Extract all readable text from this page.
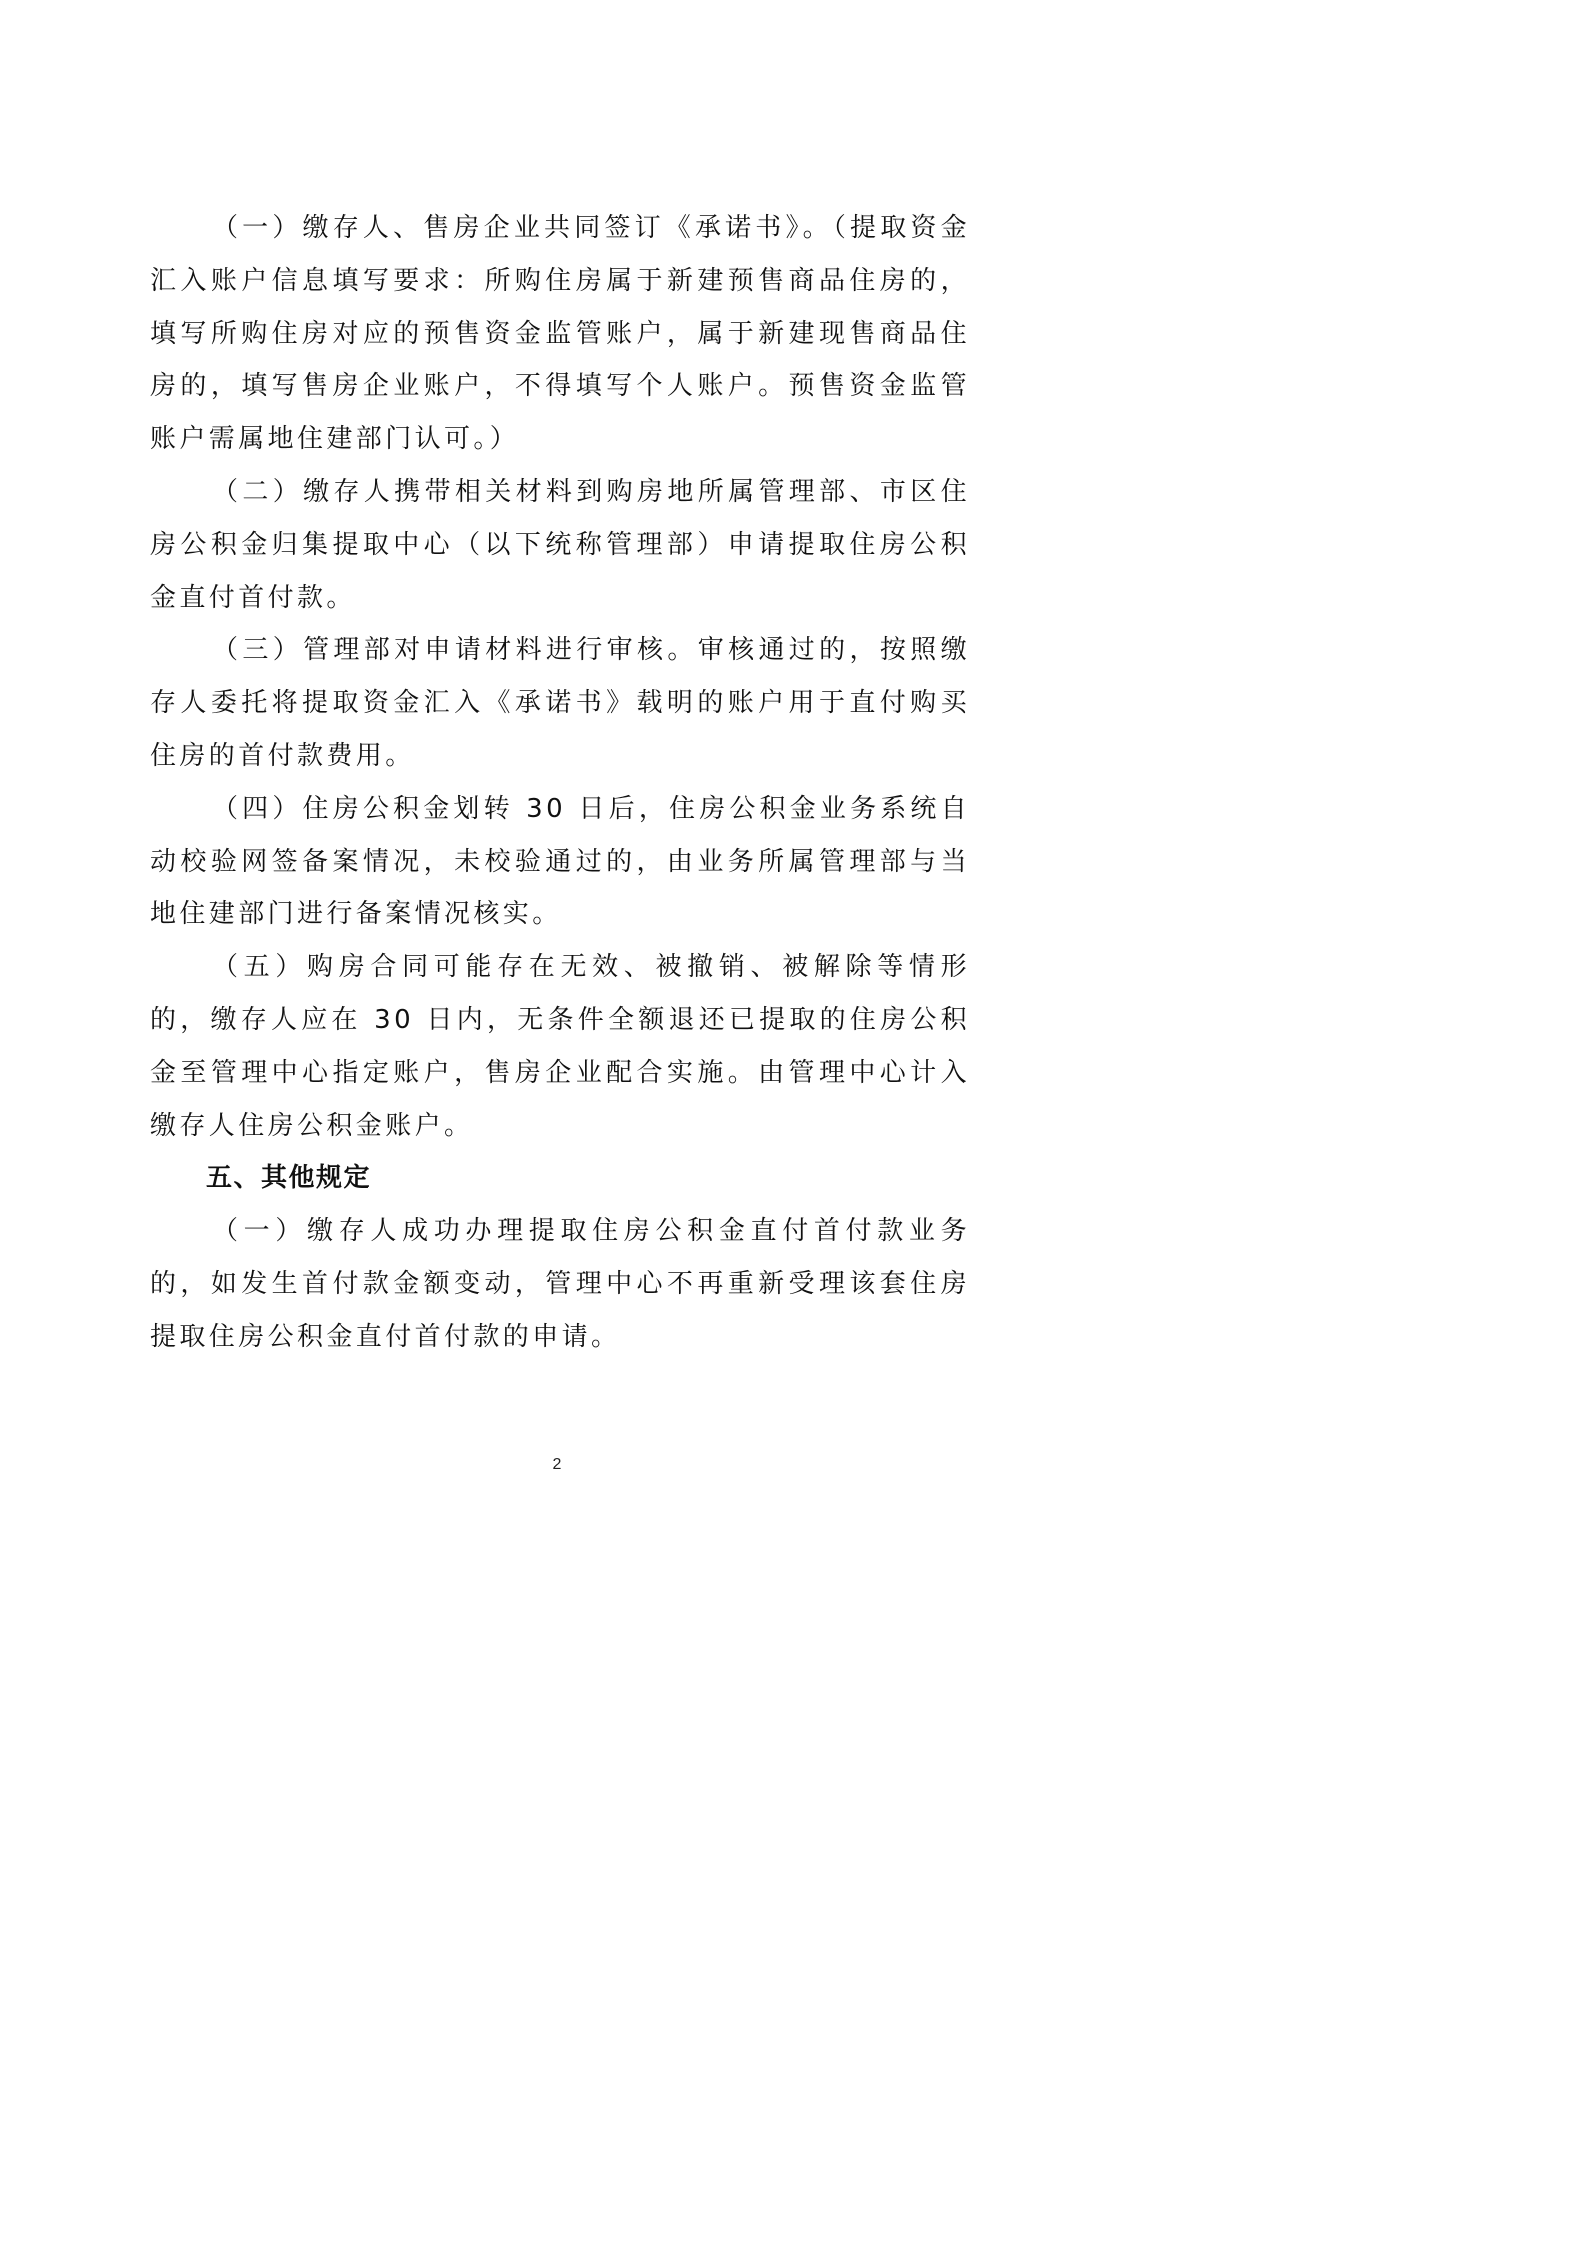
（一）缴存人、售房企业共同签订《承诺书》。（提取资金汇入账户信息填写要求：所购住房属于新建预售商品住房的，填写所购住房对应的预售资金监管账户，属于新建现售商品住房的，填写售房企业账户，不得填写个人账户。预售资金监管账户需属地住建部门认可。）

（二）缴存人携带相关材料到购房地所属管理部、市区住房公积金归集提取中心（以下统称管理部）申请提取住房公积金直付首付款。

（三）管理部对申请材料进行审核。审核通过的，按照缴存人委托将提取资金汇入《承诺书》载明的账户用于直付购买住房的首付款费用。

（四）住房公积金划转 30 日后，住房公积金业务系统自动校验网签备案情况，未校验通过的，由业务所属管理部与当地住建部门进行备案情况核实。

（五）购房合同可能存在无效、被撤销、被解除等情形的，缴存人应在 30 日内，无条件全额退还已提取的住房公积金至管理中心指定账户，售房企业配合实施。由管理中心计入缴存人住房公积金账户。

五、其他规定

（一）缴存人成功办理提取住房公积金直付首付款业务的，如发生首付款金额变动，管理中心不再重新受理该套住房提取住房公积金直付首付款的申请。

2
